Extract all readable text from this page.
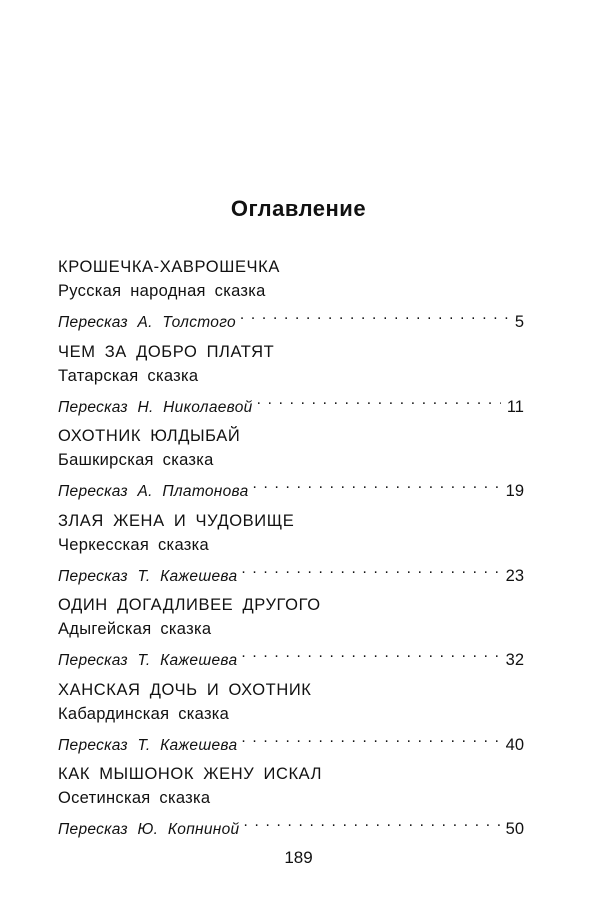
Оглавление
КРОШЕЧКА-ХАВРОШЕЧКА
Русская народная сказка
Пересказ А. Толстого . . .	5
ЧЕМ ЗА ДОБРО ПЛАТЯТ
Татарская сказка
Пересказ Н. Николаевой . . .	11
ОХОТНИК ЮЛДЫБАЙ
Башкирская сказка
Пересказ А. Платонова . . .	19
ЗЛАЯ ЖЕНА И ЧУДОВИЩЕ
Черкесская сказка
Пересказ Т. Кажешева . . .	23
ОДИН ДОГАДЛИВЕЕ ДРУГОГО
Адыгейская сказка
Пересказ Т. Кажешева . . .	32
ХАНСКАЯ ДОЧЬ И ОХОТНИК
Кабардинская сказка
Пересказ Т. Кажешева . . .	40
КАК МЫШОНОК ЖЕНУ ИСКАЛ
Осетинская сказка
Пересказ Ю. Копниной . . .	50
189
